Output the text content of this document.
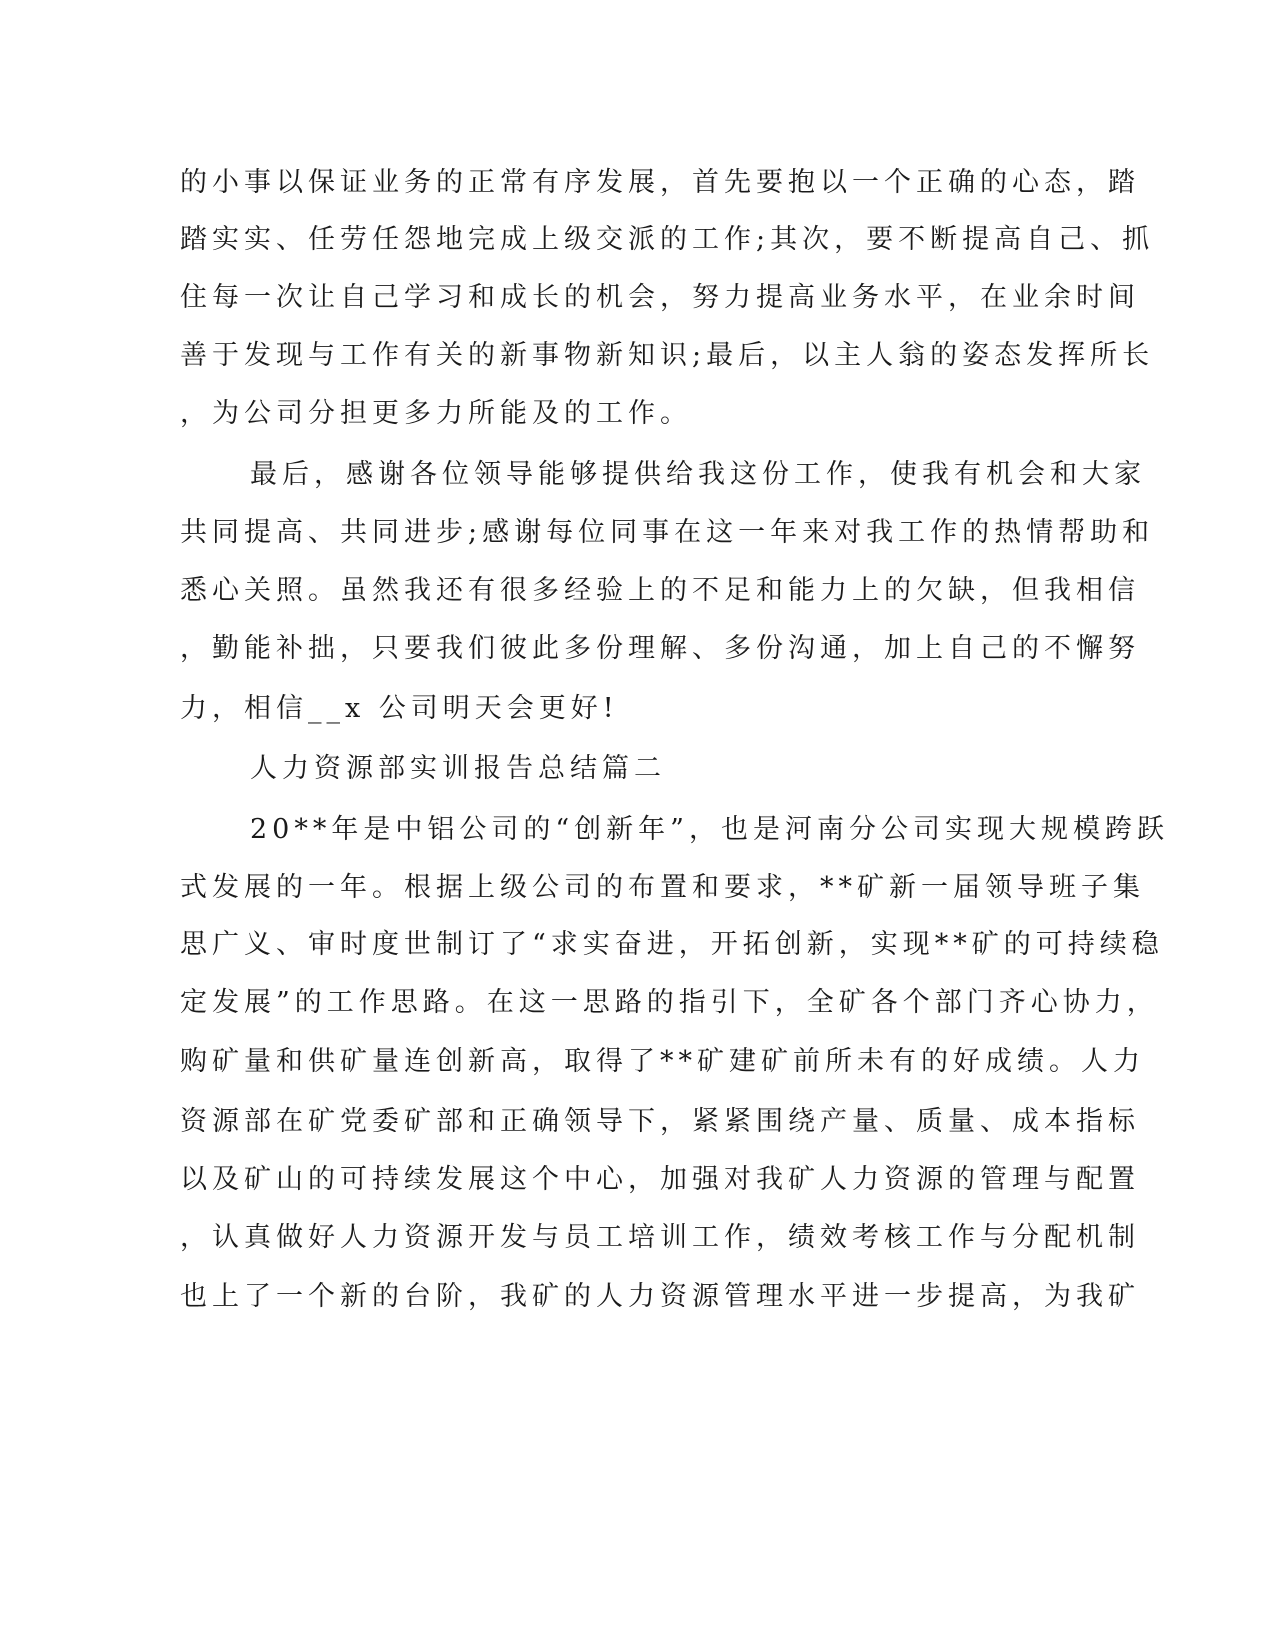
的小事以保证业务的正常有序发展，首先要抱以一个正确的心态，踏
踏实实、任劳任怨地完成上级交派的工作;其次，要不断提高自己、抓
住每一次让自己学习和成长的机会，努力提高业务水平，在业余时间
善于发现与工作有关的新事物新知识;最后，以主人翁的姿态发挥所长
，为公司分担更多力所能及的工作。
最后，感谢各位领导能够提供给我这份工作，使我有机会和大家
共同提高、共同进步;感谢每位同事在这一年来对我工作的热情帮助和
悉心关照。虽然我还有很多经验上的不足和能力上的欠缺，但我相信
，勤能补拙，只要我们彼此多份理解、多份沟通，加上自己的不懈努
力，相信__x 公司明天会更好!
人力资源部实训报告总结篇二
20**年是中铝公司的“创新年”，也是河南分公司实现大规模跨跃
式发展的一年。根据上级公司的布置和要求，**矿新一届领导班子集
思广义、审时度世制订了“求实奋进，开拓创新，实现**矿的可持续稳
定发展”的工作思路。在这一思路的指引下，全矿各个部门齐心协力，
购矿量和供矿量连创新高，取得了**矿建矿前所未有的好成绩。人力
资源部在矿党委矿部和正确领导下，紧紧围绕产量、质量、成本指标
以及矿山的可持续发展这个中心，加强对我矿人力资源的管理与配置
，认真做好人力资源开发与员工培训工作，绩效考核工作与分配机制
也上了一个新的台阶，我矿的人力资源管理水平进一步提高，为我矿
